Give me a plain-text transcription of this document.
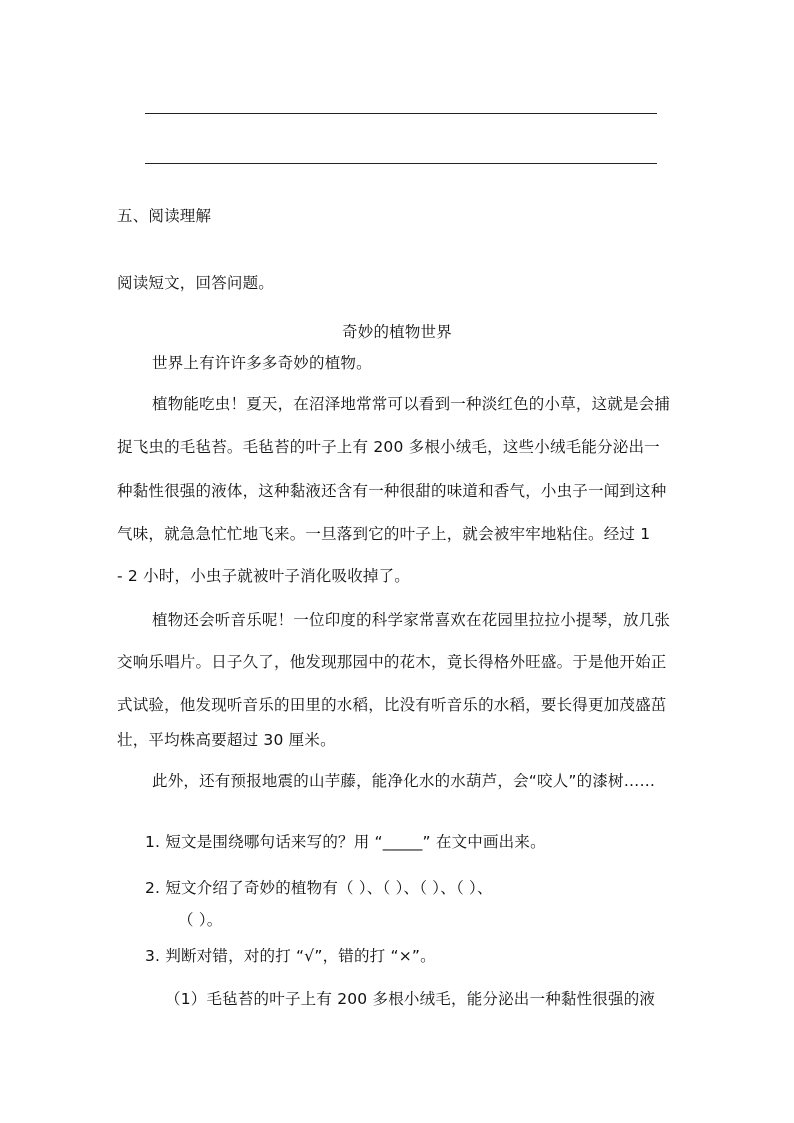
五、阅读理解
阅读短文，回答问题。
奇妙的植物世界
世界上有许许多多奇妙的植物。
植物能吃虫！夏天，在沼泽地常常可以看到一种淡红色的小草，这就是会捕
捉飞虫的毛毡苔。毛毡苔的叶子上有 200 多根小绒毛，这些小绒毛能分泌出一
种黏性很强的液体，这种黏液还含有一种很甜的味道和香气，小虫子一闻到这种
气味，就急急忙忙地飞来。一旦落到它的叶子上，就会被牢牢地粘住。经过 1
- 2 小时，小虫子就被叶子消化吸收掉了。
植物还会听音乐呢！一位印度的科学家常喜欢在花园里拉拉小提琴，放几张
交响乐唱片。日子久了，他发现那园中的花木，竟长得格外旺盛。于是他开始正
式试验，他发现听音乐的田里的水稻，比没有听音乐的水稻，要长得更加茂盛茁
壮，平均株高要超过 30 厘米。
此外，还有预报地震的山芋藤，能净化水的水葫芦，会“咬人”的漆树……
1. 短文是围绕哪句话来写的？用 “_____” 在文中画出来。
2. 短文介绍了奇妙的植物有（ ）、（ ）、（ ）、（ ）、
（ ）。
3. 判断对错，对的打 “√”，错的打 “×”。
（1）毛毡苔的叶子上有 200 多根小绒毛，能分泌出一种黏性很强的液
